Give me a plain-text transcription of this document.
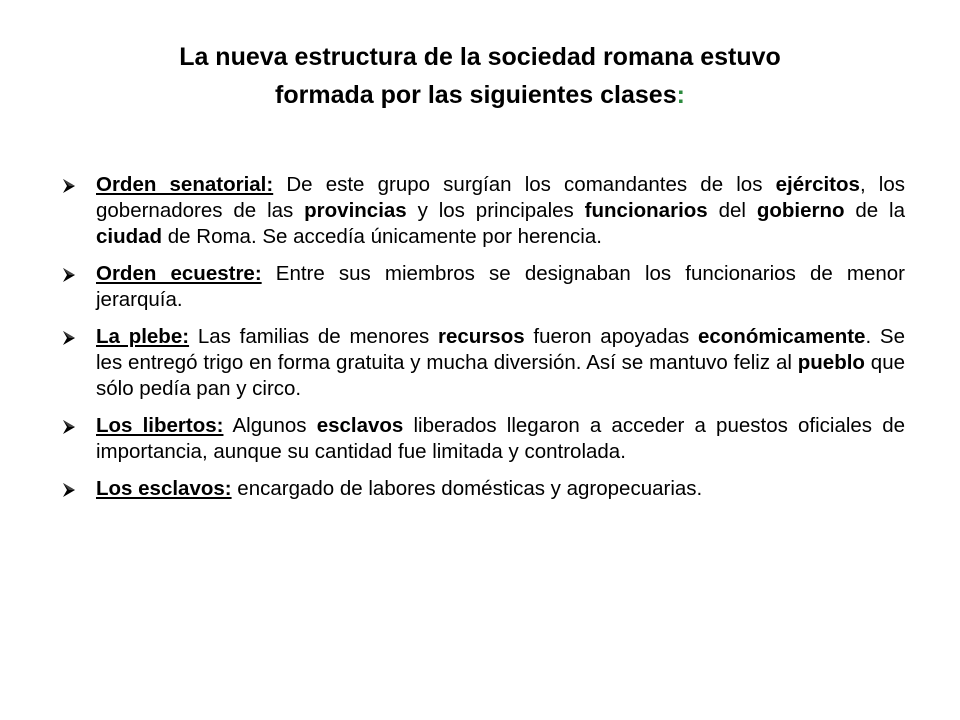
La nueva estructura de la sociedad romana estuvo
formada por las siguientes clases:
Orden senatorial: De este grupo surgían los comandantes de los ejércitos, los gobernadores de las provincias y los principales funcionarios del gobierno de la ciudad de Roma. Se accedía únicamente por herencia.
Orden ecuestre: Entre sus miembros se designaban los funcionarios de menor jerarquía.
La plebe: Las familias de menores recursos fueron apoyadas económicamente. Se les entregó trigo en forma gratuita y mucha diversión. Así se mantuvo feliz al pueblo que sólo pedía pan y circo.
Los libertos: Algunos esclavos liberados llegaron a acceder a puestos oficiales de importancia, aunque su cantidad fue limitada y controlada.
Los esclavos: encargado de labores domésticas y agropecuarias.
